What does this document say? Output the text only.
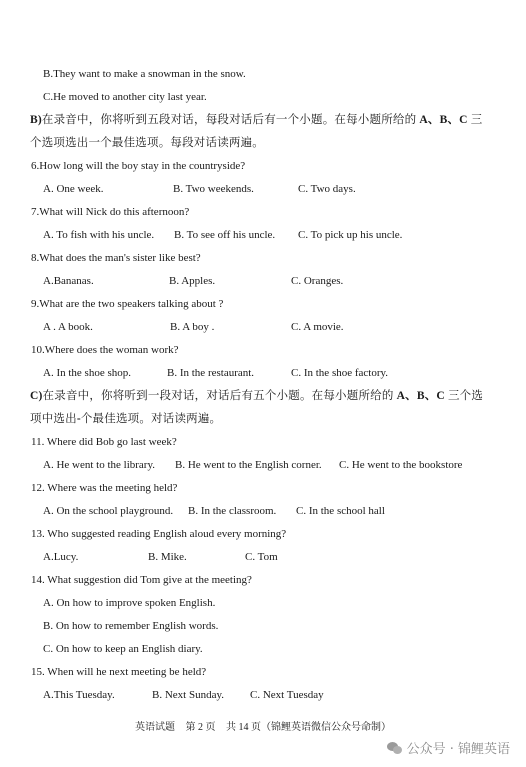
B.They want to make a snowman in the snow.
C.He moved to another city last year.
B)在录音中，你将听到五段对话，每段对话后有一个小题。在每小题所给的 A、B、C 三
个选项选出一个最佳选项。每段对话读两遍。
6.How long will the boy stay in the countryside?
A. One week.	B. Two weekends.	C. Two days.
7.What will Nick do this afternoon?
A. To fish with his uncle. B. To see off his uncle. C. To pick up his uncle.
8.What does the man's sister like best?
A.Bananas.	B. Apples.	C. Oranges.
9.What are the two speakers talking about ?
A . A book.	B. A boy .	C. A movie.
10.Where does the woman work?
A. In the shoe shop.	B. In the restaurant.	C. In the shoe factory.
C)在录音中，你将听到一段对话，对话后有五个小题。在每小题所给的 A、B、C 三个选
项中选出-个最佳选项。对话读两遍。
11. Where did Bob go last week?
A. He went to the library. B. He went to the English corner. C. He went to the bookstore
12. Where was the meeting held?
A. On the school playground. B. In the classroom. C. In the school hall
13. Who suggested reading English aloud every morning?
A.Lucy.	B. Mike.	C. Tom
14. What suggestion did Tom give at the meeting?
A. On how to improve spoken English.
B. On how to remember English words.
C. On how to keep an English diary.
15. When will he next meeting be held?
A.This Tuesday.	B. Next Sunday. C. Next Tuesday
英语试题 第 2 页 共 14 页（锦鲤英语微信公众号命制）
公众号 · 锦鲤英语
